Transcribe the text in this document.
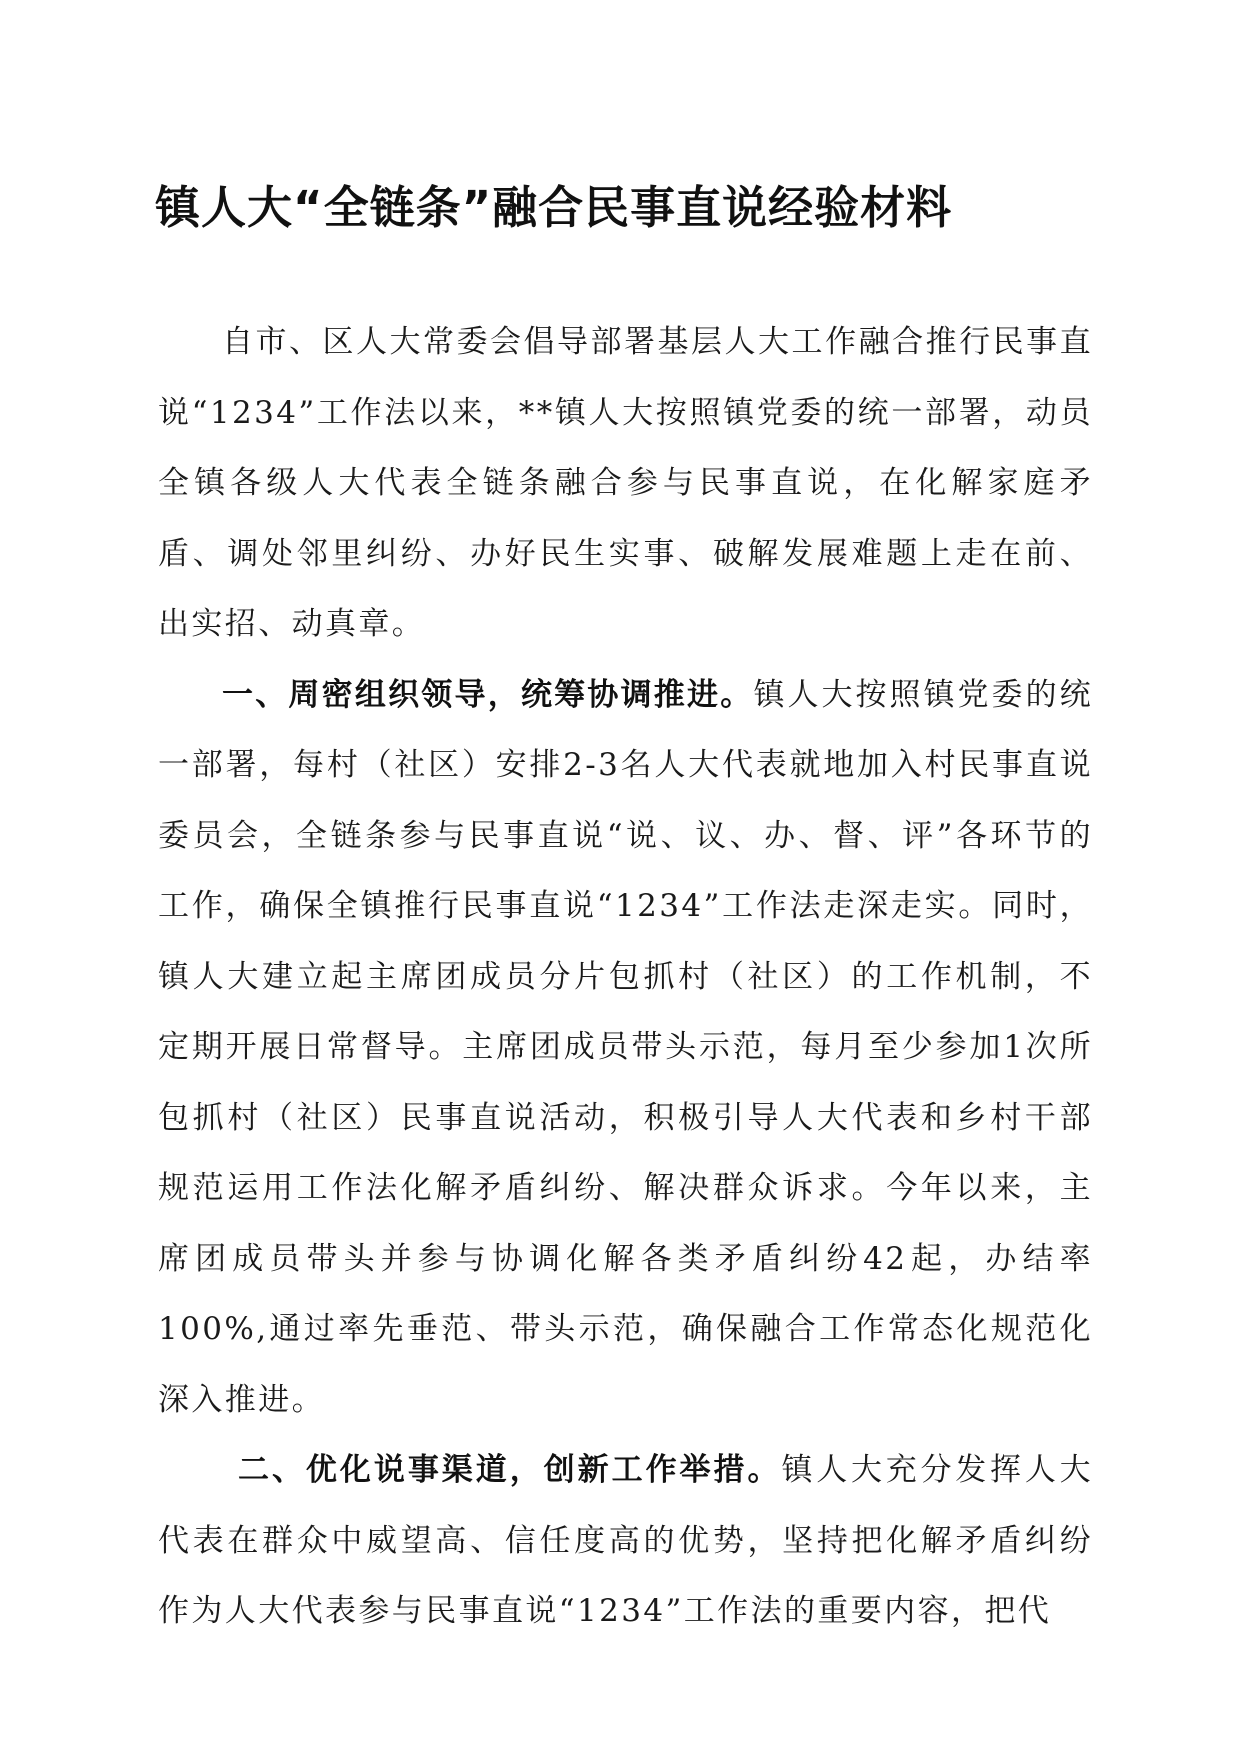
镇人大“全链条”融合民事直说经验材料

自市、区人大常委会倡导部署基层人大工作融合推行民事直说“1234”工作法以来，**镇人大按照镇党委的统一部署，动员全镇各级人大代表全链条融合参与民事直说，在化解家庭矛盾、调处邻里纠纷、办好民生实事、破解发展难题上走在前、出实招、动真章。

一、周密组织领导，统筹协调推进。镇人大按照镇党委的统一部署，每村（社区）安排2-3名人大代表就地加入村民事直说委员会，全链条参与民事直说“说、议、办、督、评”各环节的工作，确保全镇推行民事直说“1234”工作法走深走实。同时，镇人大建立起主席团成员分片包抓村（社区）的工作机制，不定期开展日常督导。主席团成员带头示范，每月至少参加1次所包抓村（社区）民事直说活动，积极引导人大代表和乡村干部规范运用工作法化解矛盾纠纷、解决群众诉求。今年以来，主席团成员带头并参与协调化解各类矛盾纠纷42起，办结率100%,通过率先垂范、带头示范，确保融合工作常态化规范化深入推进。

二、优化说事渠道，创新工作举措。镇人大充分发挥人大代表在群众中威望高、信任度高的优势，坚持把化解矛盾纠纷作为人大代表参与民事直说“1234”工作法的重要内容，把代
